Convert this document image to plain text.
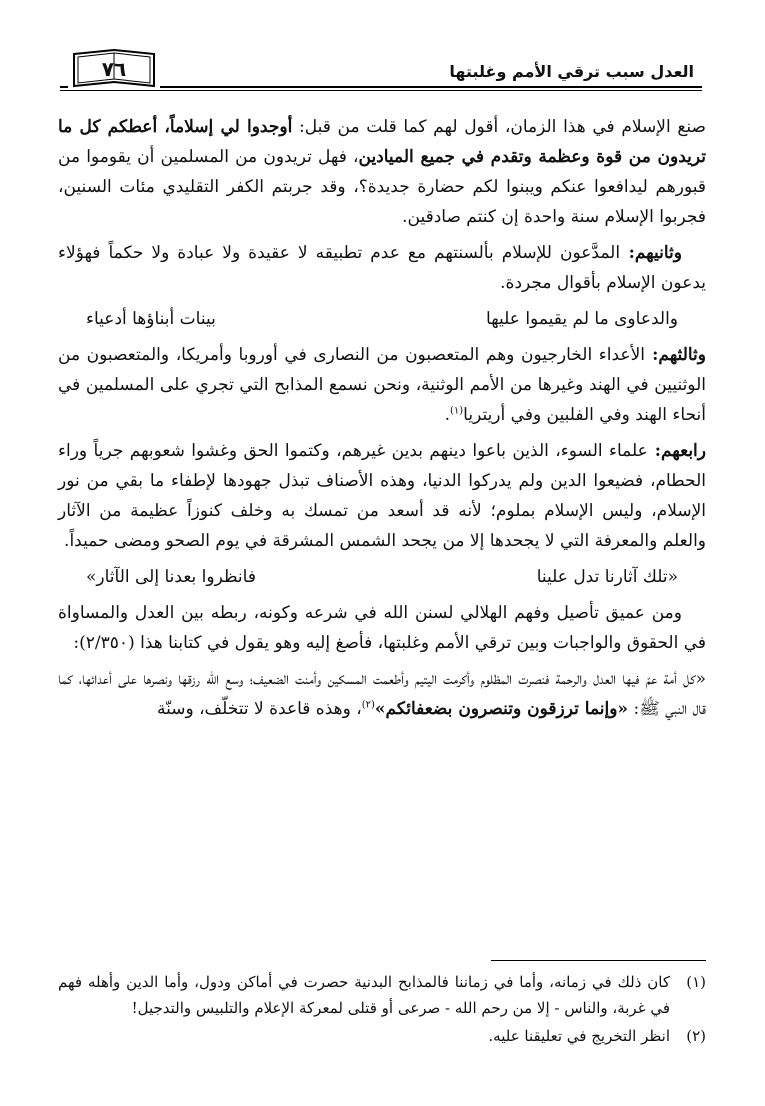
العدل سبب ترقي الأمم وغلبتها
٧٦

صنع الإسلام في هذا الزمان، أقول لهم كما قلت من قبل: أوجدوا لي إسلاماً، أعطكم كل ما تريدون من قوة وعظمة وتقدم في جميع الميادين، فهل تريدون من المسلمين أن يقوموا من قبورهم ليدافعوا عنكم ويبنوا لكم حضارة جديدة؟، وقد جربتم الكفر التقليدي مئات السنين، فجربوا الإسلام سنة واحدة إن كنتم صادقين.

وثانيهم: المدَّعون للإسلام بألسنتهم مع عدم تطبيقه لا عقيدة ولا عبادة ولا حكماً فهؤلاء يدعون الإسلام بأقوال مجردة.

والدعاوى ما لم يقيموا عليها
بينات أبناؤها أدعياء

وثالثهم: الأعداء الخارجيون وهم المتعصبون من النصارى في أوروبا وأمريكا، والمتعصبون من الوثنيين في الهند وغيرها من الأمم الوثنية، ونحن نسمع المذابح التي تجري على المسلمين في أنحاء الهند وفي الفلبين وفي أريتريا$^{(١)}$.

رابعهم: علماء السوء، الذين باعوا دينهم بدين غيرهم، وكتموا الحق وغشوا شعوبهم جرياً وراء الحطام، فضيعوا الدين ولم يدركوا الدنيا، وهذه الأصناف تبذل جهودها لإطفاء ما بقي من نور الإسلام، وليس الإسلام بملوم؛ لأنه قد أسعد من تمسك به وخلف كنوزاً عظيمة من الآثار والعلم والمعرفة التي لا يجحدها إلا من يجحد الشمس المشرقة في يوم الصحو ومضى حميداً.

«تلك آثارنا تدل علينا
فانظروا بعدنا إلى الآثار»

ومن عميق تأصيل وفهم الهلالي لسنن الله في شرعه وكونه، ربطه بين العدل والمساواة في الحقوق والواجبات وبين ترقي الأمم وغلبتها، فأصغ إليه وهو يقول في كتابنا هذا (٢/٣٥٠):

«كل أمة عمّ فيها العدل والرحمة فنصرت المظلوم وأكرمت اليتيم وأطعمت المسكين وأمنت الضعيف؛ وسع الله رزقها ونصرها على أعدائها، كما قال النبي ﷺ: «وإنما ترزقون وتنصرون بضعفائكم»$^{(٢)}$، وهذه قاعدة لا تتخلّف، وسنّة

(١)
كان ذلك في زمانه، وأما في زماننا فالمذابح البدنية حصرت في أماكن ودول، وأما الدين وأهله فهم في غربة، والناس - إلا من رحم الله - صرعى أو قتلى لمعركة الإعلام والتلبيس والتدجيل!
(٢)
انظر التخريج في تعليقنا عليه.
